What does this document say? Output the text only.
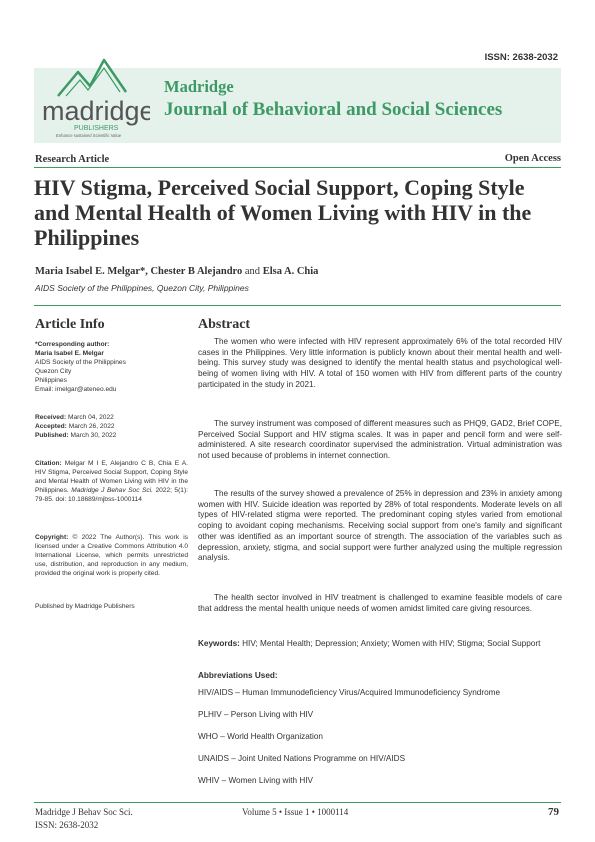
ISSN: 2638-2032
madridge
PUBLISHERS
Enhance sustained Scientific Value
Madridge
Journal of Behavioral and Social Sciences
Research Article	Open Access
HIV Stigma, Perceived Social Support, Coping Style and Mental Health of Women Living with HIV in the Philippines
Maria Isabel E. Melgar*, Chester B Alejandro and Elsa A. Chia
AIDS Society of the Philippines, Quezon City, Philippines
Article Info

*Corresponding author:

Maria Isabel E. Melgar

AIDS Society of the Philippines

Quezon City

Philippines

Email: imelgar@ateneo.edu

Received: March 04, 2022

Accepted: March 26, 2022

Published: March 30, 2022

Citation: Melgar M I E, Alejandro C B, Chia E A. HIV Stigma, Perceived Social Support, Coping Style and Mental Health of Women Living with HIV in the Philippines. Madridge J Behav Soc Sci. 2022; 5(1): 79-85. doi: 10.18689/mjbss-1000114

Copyright: © 2022 The Author(s). This work is licensed under a Creative Commons Attribution 4.0 International License, which permits unrestricted use, distribution, and reproduction in any medium, provided the original work is properly cited.

Published by Madridge Publishers
Abstract

The women who were infected with HIV represent approximately 6% of the total recorded HIV cases in the Philippines. Very little information is publicly known about their mental health and well-being. This survey study was designed to identify the mental health status and psychological well-being of women living with HIV. A total of 150 women with HIV from different parts of the country participated in the study in 2021.

The survey instrument was composed of different measures such as PHQ9, GAD2, Brief COPE, Perceived Social Support and HIV stigma scales. It was in paper and pencil form and were self-administered. A site research coordinator supervised the administration. Virtual administration was not used because of problems in internet connection.

The results of the survey showed a prevalence of 25% in depression and 23% in anxiety among women with HIV. Suicide ideation was reported by 28% of total respondents. Moderate levels on all types of HIV-related stigma were reported. The predominant coping styles varied from emotional coping to avoidant coping mechanisms. Receiving social support from one's family and significant other was identified as an important source of strength. The association of the variables such as depression, anxiety, stigma, and social support were further analyzed using the multiple regression analysis.

The health sector involved in HIV treatment is challenged to examine feasible models of care that address the mental health unique needs of women amidst limited care giving resources.

Keywords: HIV; Mental Health; Depression; Anxiety; Women with HIV; Stigma; Social Support
Abbreviations Used:
HIV/AIDS – Human Immunodeficiency Virus/Acquired Immunodeficiency Syndrome
PLHIV – Person Living with HIV
WHO – World Health Organization
UNAIDS – Joint United Nations Programme on HIV/AIDS
WHIV – Women Living with HIV
Madridge J Behav Soc Sci.
ISSN: 2638-2032
Volume 5 • Issue 1 • 1000114	79
